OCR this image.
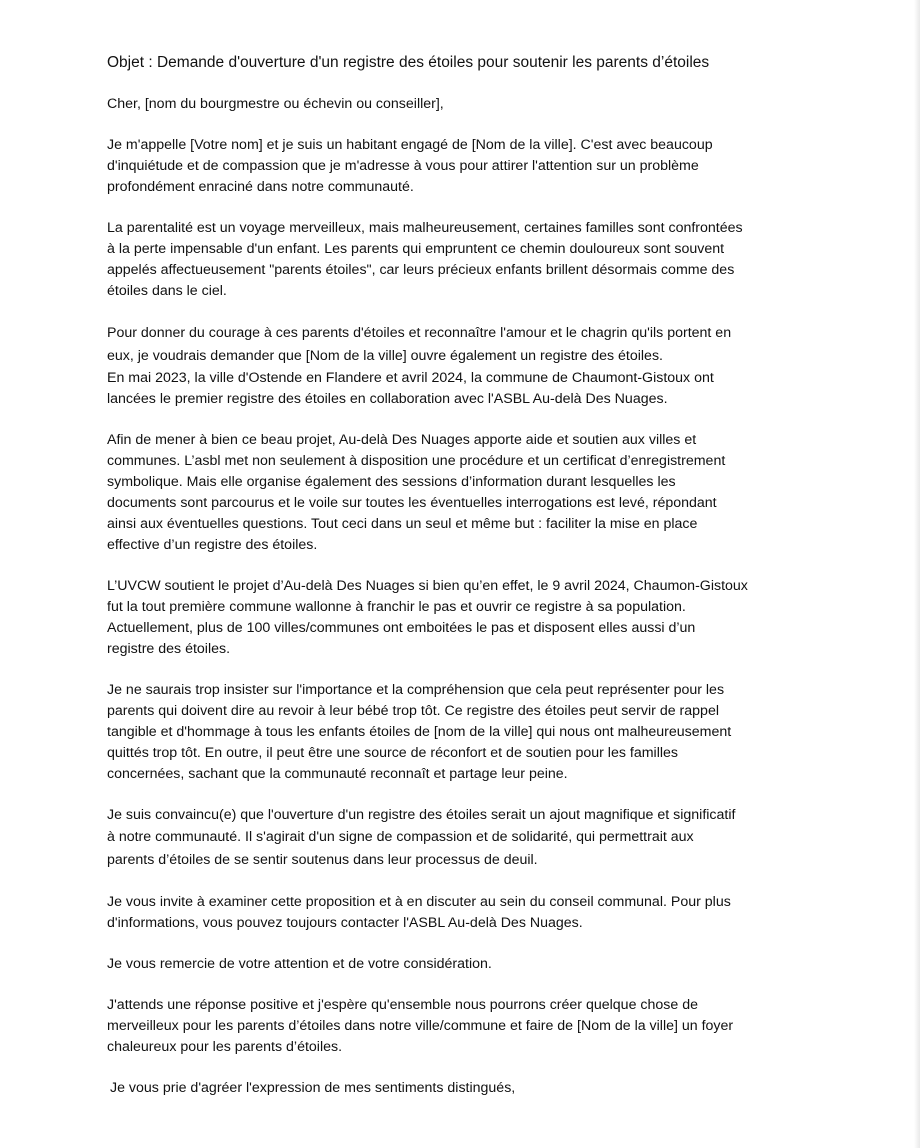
Objet : Demande d'ouverture d'un registre des étoiles pour soutenir les parents d’étoiles
Cher, [nom du bourgmestre ou échevin ou conseiller],
Je m'appelle [Votre nom] et je suis un habitant engagé de [Nom de la ville]. C'est avec beaucoup
d'inquiétude et de compassion que je m'adresse à vous pour attirer l'attention sur un problème
profondément enraciné dans notre communauté.
La parentalité est un voyage merveilleux, mais malheureusement, certaines familles sont confrontées
à la perte impensable d'un enfant. Les parents qui empruntent ce chemin douloureux sont souvent
appelés affectueusement "parents étoiles", car leurs précieux enfants brillent désormais comme des
étoiles dans le ciel.
Pour donner du courage à ces parents d'étoiles et reconnaître l'amour et le chagrin qu'ils portent en
eux, je voudrais demander que [Nom de la ville] ouvre également un registre des étoiles.
En mai 2023, la ville d'Ostende en Flandere et avril 2024, la commune de Chaumont-Gistoux ont
lancées le premier registre des étoiles en collaboration avec l'ASBL Au-delà Des Nuages.
Afin de mener à bien ce beau projet, Au-delà Des Nuages apporte aide et soutien aux villes et
communes. L’asbl met non seulement à disposition une procédure et un certificat d’enregistrement
symbolique. Mais elle organise également des sessions d’information durant lesquelles les
documents sont parcourus et le voile sur toutes les éventuelles interrogations est levé, répondant
ainsi aux éventuelles questions. Tout ceci dans un seul et même but : faciliter la mise en place
effective d’un registre des étoiles.
L’UVCW soutient le projet d’Au-delà Des Nuages si bien qu’en effet, le 9 avril 2024, Chaumon-Gistoux
fut la tout première commune wallonne à franchir le pas et ouvrir ce registre à sa population.
Actuellement, plus de 100 villes/communes ont emboitées le pas et disposent elles aussi d’un
registre des étoiles.
Je ne saurais trop insister sur l'importance et la compréhension que cela peut représenter pour les
parents qui doivent dire au revoir à leur bébé trop tôt. Ce registre des étoiles peut servir de rappel
tangible et d'hommage à tous les enfants étoiles de [nom de la ville] qui nous ont malheureusement
quittés trop tôt. En outre, il peut être une source de réconfort et de soutien pour les familles
concernées, sachant que la communauté reconnaît et partage leur peine.
Je suis convaincu(e) que l'ouverture d'un registre des étoiles serait un ajout magnifique et significatif
à notre communauté. Il s'agirait d'un signe de compassion et de solidarité, qui permettrait aux
parents d’étoiles de se sentir soutenus dans leur processus de deuil.
Je vous invite à examiner cette proposition et à en discuter au sein du conseil communal. Pour plus
d'informations, vous pouvez toujours contacter l'ASBL Au-delà Des Nuages.
Je vous remercie de votre attention et de votre considération.
J'attends une réponse positive et j'espère qu'ensemble nous pourrons créer quelque chose de
merveilleux pour les parents d’étoiles dans notre ville/commune et faire de [Nom de la ville] un foyer
chaleureux pour les parents d’étoiles.
Je vous prie d'agréer l'expression de mes sentiments distingués,
